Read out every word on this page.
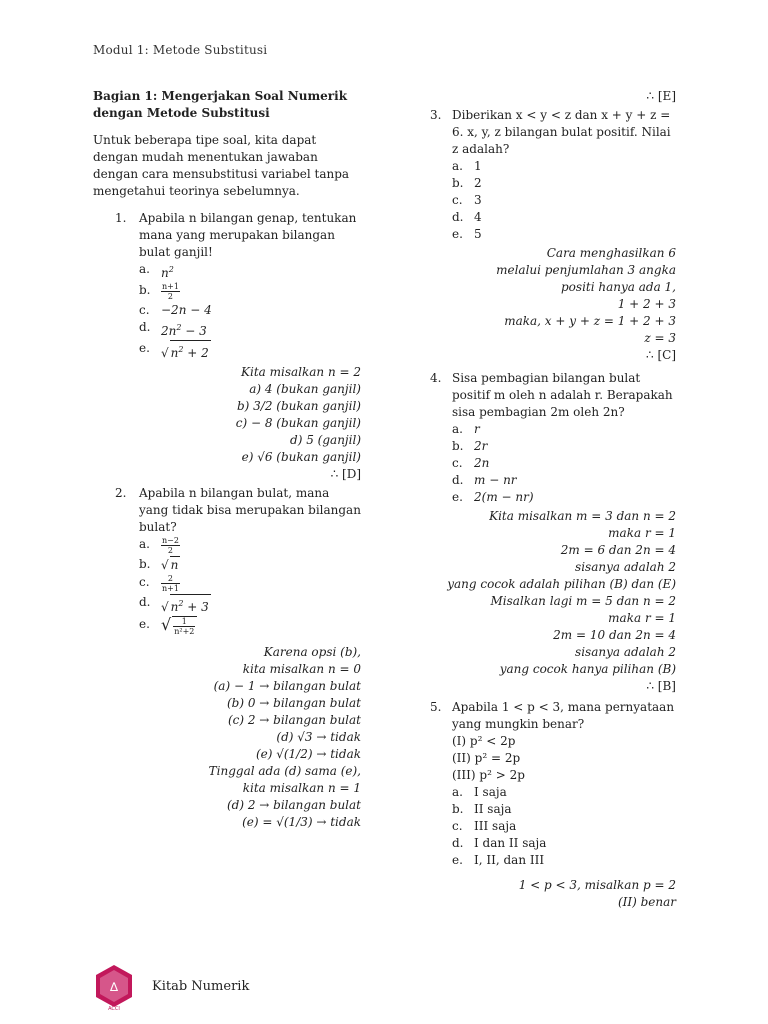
Modul 1: Metode Substitusi
Bagian 1: Mengerjakan Soal Numerik dengan Metode Substitusi
Untuk beberapa tipe soal, kita dapat dengan mudah menentukan jawaban dengan cara mensubstitusi variabel tanpa mengetahui teorinya sebelumnya.
1. Apabila n bilangan genap, tentukan mana yang merupakan bilangan bulat ganjil!
a. $n^2$
b. $\frac{n+1}{2}$
c. −2n − 4
d. $2n^2 - 3$
e. √ $n^2 + 2$
Kita misalkan n = 2
a) 4 (bukan ganjil)
b) 3/2 (bukan ganjil)
c) − 8 (bukan ganjil)
d) 5 (ganjil)
e) √6 (bukan ganjil)
∴ [D]
2. Apabila n bilangan bulat, mana yang tidak bisa merupakan bilangan bulat?
a. $\frac{n-2}{2}$
b. √ n
c. $\frac{2}{n+1}$
d. √ $n^2 + 3$
e. √ $\frac{1}{\text{n²+2}}$
Karena opsi (b),
kita misalkan n = 0
(a) − 1 → bilangan bulat
(b) 0 → bilangan bulat
(c) 2 → bilangan bulat
(d) √3 → tidak
(e) √(1/2) → tidak
Tinggal ada (d) sama (e),
kita misalkan n = 1
(d) 2 → bilangan bulat
(e) = √(1/3) → tidak
∴ [E]
3. Diberikan x < y < z dan x + y + z = 6. x, y, z bilangan bulat positif. Nilai z adalah?
a. 1
b. 2
c. 3
d. 4
e. 5
Cara menghasilkan 6
melalui penjumlahan 3 angka
positi hanya ada 1,
1 + 2 + 3
maka, x + y + z = 1 + 2 + 3
z = 3
∴ [C]
4. Sisa pembagian bilangan bulat positif m oleh n adalah r. Berapakah sisa pembagian 2m oleh 2n?
a. r
b. 2r
c. 2n
d. m − nr
e. 2(m − nr)
Kita misalkan m = 3 dan n = 2
maka r = 1
2m = 6 dan 2n = 4
sisanya adalah 2
yang cocok adalah pilihan (B) dan (E)
Misalkan lagi m = 5 dan n = 2
maka r = 1
2m = 10 dan 2n = 4
sisanya adalah 2
yang cocok hanya pilihan (B)
∴ [B]
5. Apabila 1 < p < 3, mana pernyataan yang mungkin benar?
(I) p² < 2p
(II) p² = 2p
(III) p² > 2p
a. I saja
b. II saja
c. III saja
d. I dan II saja
e. I, II, dan III
1 < p < 3, misalkan p = 2
(II) benar
∆
ACCI
Kitab Numerik
